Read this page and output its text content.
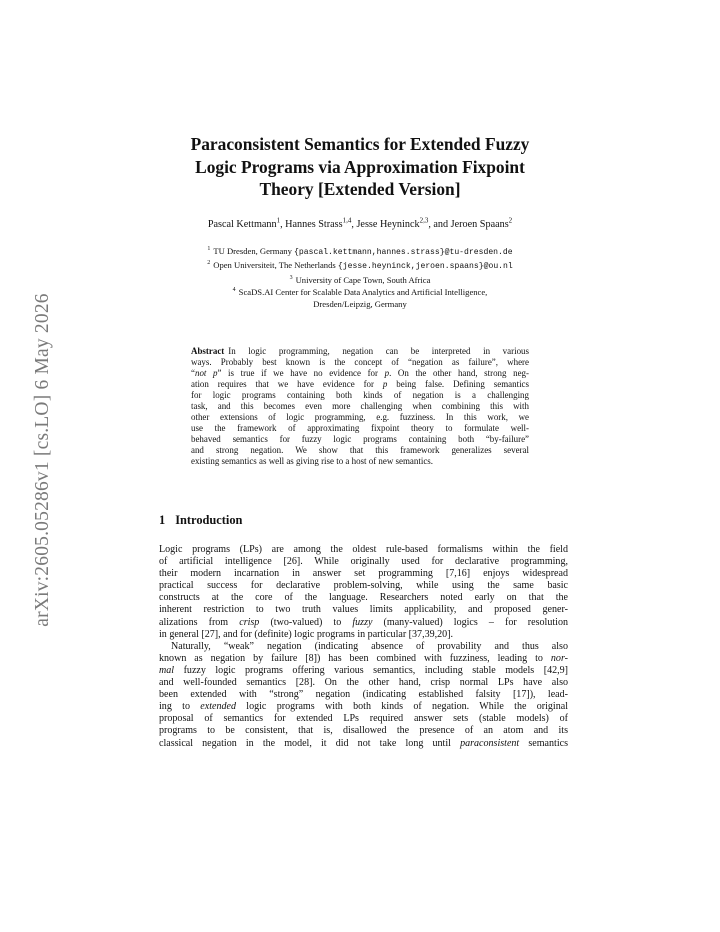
arXiv:2605.05286v1 [cs.LO] 6 May 2026
Paraconsistent Semantics for Extended Fuzzy
Logic Programs via Approximation Fixpoint
Theory [Extended Version]
Pascal Kettmann$^1$, Hannes Strass$^{1,4}$, Jesse Heyninck$^{2,3}$, and Jeroen Spaans$^2$
$^1$ TU Dresden, Germany {pascal.kettmann,hannes.strass}@tu-dresden.de
$^2$ Open Universiteit, The Netherlands {jesse.heyninck,jeroen.spaans}@ou.nl
$^3$ University of Cape Town, South Africa
$^4$ ScaDS.AI Center for Scalable Data Analytics and Artificial Intelligence,
Dresden/Leipzig, Germany
Abstract In logic programming, negation can be interpreted in various
ways. Probably best known is the concept of “negation as failure”, where
“not p” is true if we have no evidence for p. On the other hand, strong neg-
ation requires that we have evidence for p being false. Defining semantics
for logic programs containing both kinds of negation is a challenging
task, and this becomes even more challenging when combining this with
other extensions of logic programming, e.g. fuzziness. In this work, we
use the framework of approximating fixpoint theory to formulate well-
behaved semantics for fuzzy logic programs containing both “by-failure”
and strong negation. We show that this framework generalizes several
existing semantics as well as giving rise to a host of new semantics.
1 Introduction
Logic programs (LPs) are among the oldest rule-based formalisms within the field
of artificial intelligence [26]. While originally used for declarative programming,
their modern incarnation in answer set programming [7,16] enjoys widespread
practical success for declarative problem-solving, while using the same basic
constructs at the core of the language. Researchers noted early on that the
inherent restriction to two truth values limits applicability, and proposed gener-
alizations from crisp (two-valued) to fuzzy (many-valued) logics – for resolution
in general [27], and for (definite) logic programs in particular [37,39,20].
Naturally, “weak” negation (indicating absence of provability and thus also
known as negation by failure [8]) has been combined with fuzziness, leading to nor-
mal fuzzy logic programs offering various semantics, including stable models [42,9]
and well-founded semantics [28]. On the other hand, crisp normal LPs have also
been extended with “strong” negation (indicating established falsity [17]), lead-
ing to extended logic programs with both kinds of negation. While the original
proposal of semantics for extended LPs required answer sets (stable models) of
programs to be consistent, that is, disallowed the presence of an atom and its
classical negation in the model, it did not take long until paraconsistent semantics
